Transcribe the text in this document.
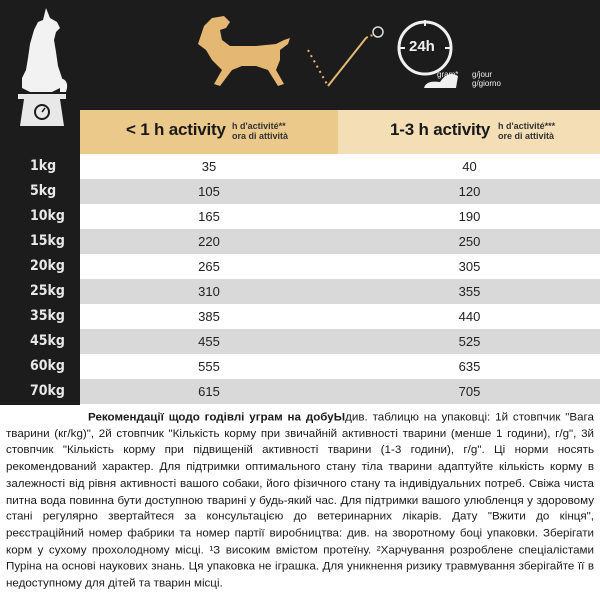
24h
gram* g/jour
g/giorno
< 1 h activity h d'activité**
ora di attività	1-3 h activity h d'activité***
ore di attività
1kg	35	40
5kg	105	120
10kg	165	190
15kg	220	250
20kg	265	305
25kg	310	355
35kg	385	440
45kg	455	525
60kg	555	635
70kg	615	705
Рекомендації щодо годівлі уграм на добуЫдив. таблицю на упаковці: 1й стовпчик "Вага тварини (кг/kg)", 2й стовпчик "Кількість корму при звичайній активності тварини (менше 1 години), г/g", 3й стовпчик "Кількість корму при підвищеній активності тварини (1-3 години), г/g". Ці норми носять рекомендований характер. Для підтримки оптимального стану тіла тварини адаптуйте кількість корму в залежності від рівня активності вашого собаки, його фізичного стану та індивідуальних потреб. Свіжа чиста питна вода повинна бути доступною тварині у будь-який час. Для підтримки вашого улюбленця у здоровому стані регулярно звертайтеся за консультацією до ветеринарних лікарів. Дату "Вжити до кінця", реєстраційний номер фабрики та номер партії виробництва: див. на зворотному боці упаковки. Зберігати корм у сухому прохолодному місці. ¹З високим вмістом протеїну. ²Харчування розроблене спеціалістами Пуріна на основі наукових знань. Ця упаковка не іграшка. Для уникнення ризику травмування зберігайте її в недоступному для дітей та тварин місці.
